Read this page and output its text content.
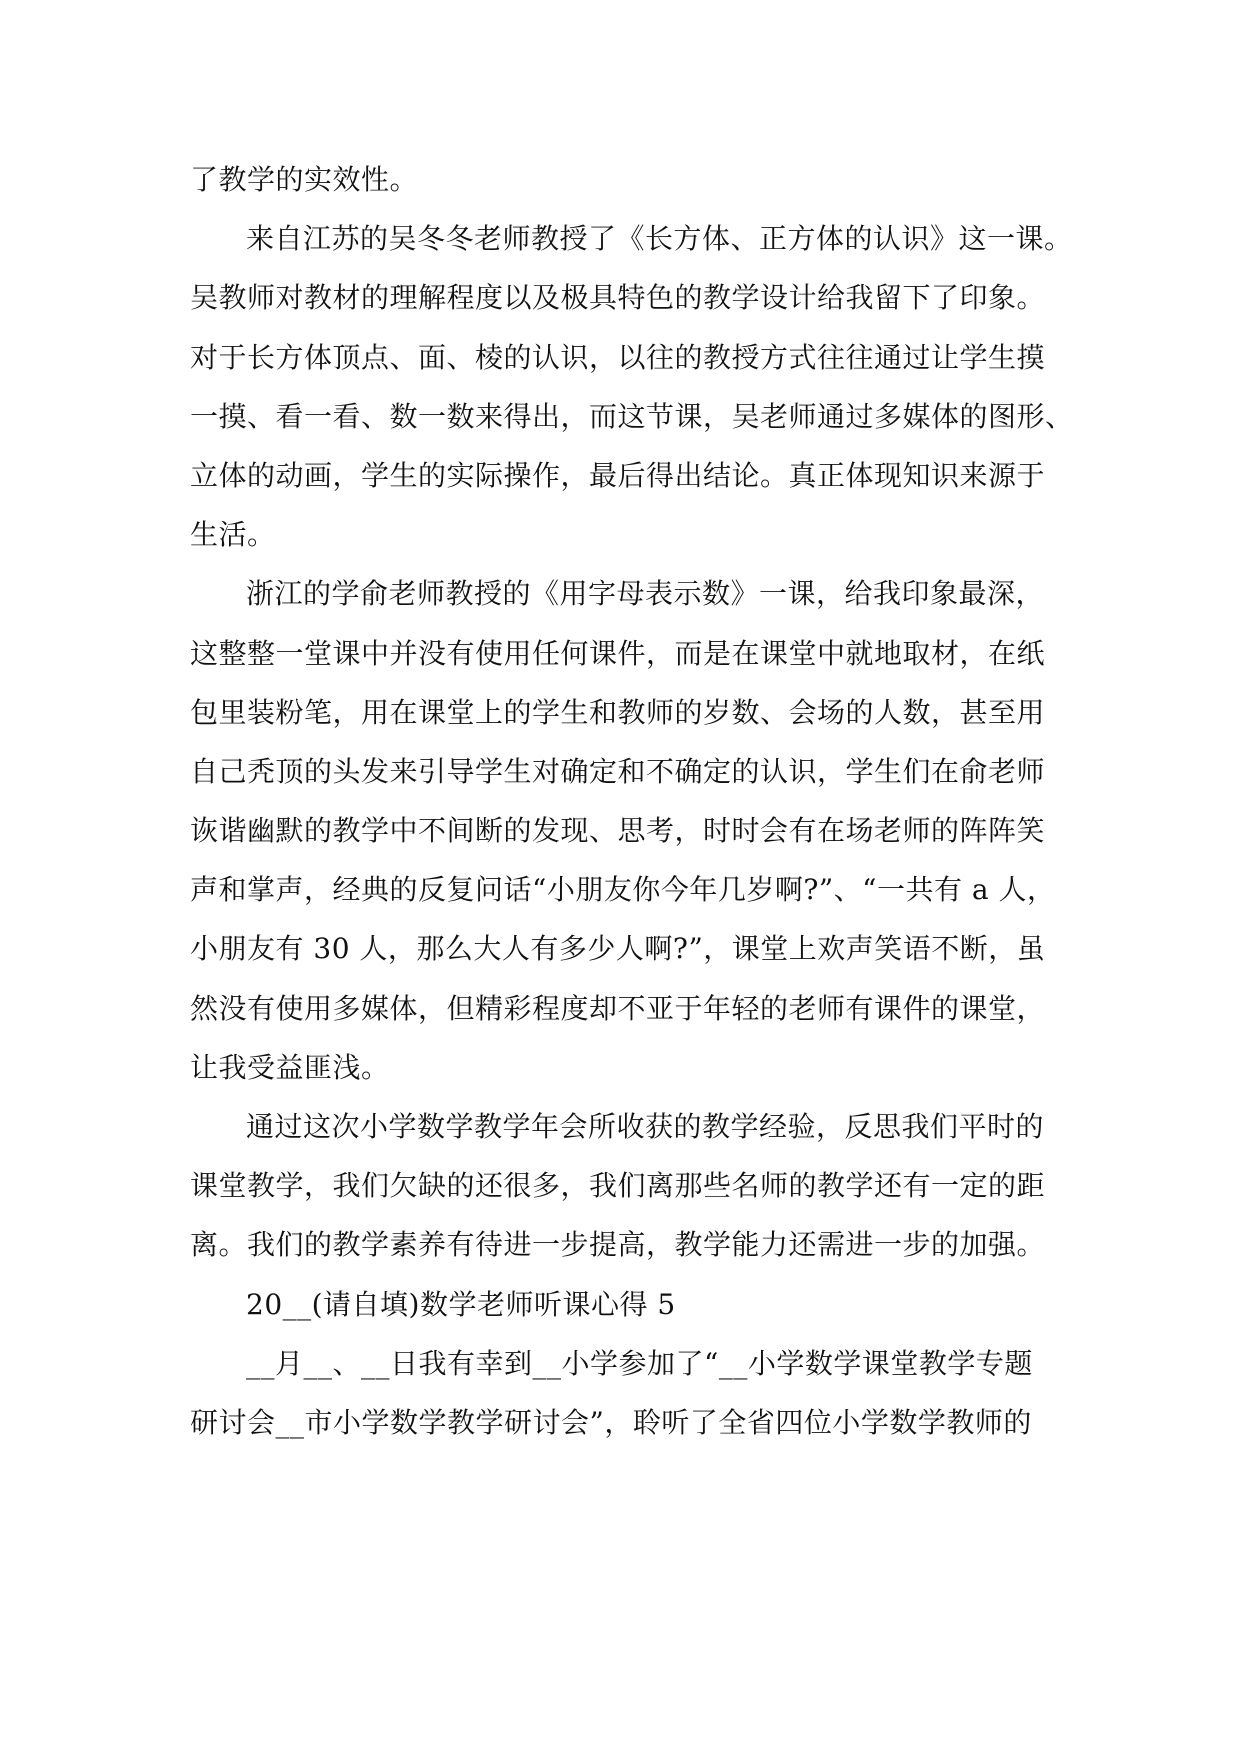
了教学的实效性。
来自江苏的吴冬冬老师教授了《长方体、正方体的认识》这一课。
吴教师对教材的理解程度以及极具特色的教学设计给我留下了印象。
对于长方体顶点、面、棱的认识，以往的教授方式往往通过让学生摸
一摸、看一看、数一数来得出，而这节课，吴老师通过多媒体的图形、
立体的动画，学生的实际操作，最后得出结论。真正体现知识来源于
生活。
浙江的学俞老师教授的《用字母表示数》一课，给我印象最深，
这整整一堂课中并没有使用任何课件，而是在课堂中就地取材，在纸
包里装粉笔，用在课堂上的学生和教师的岁数、会场的人数，甚至用
自己秃顶的头发来引导学生对确定和不确定的认识，学生们在俞老师
诙谐幽默的教学中不间断的发现、思考，时时会有在场老师的阵阵笑
声和掌声，经典的反复问话“小朋友你今年几岁啊?”、“一共有 a 人，
小朋友有 30 人，那么大人有多少人啊?”，课堂上欢声笑语不断，虽
然没有使用多媒体，但精彩程度却不亚于年轻的老师有课件的课堂，
让我受益匪浅。
通过这次小学数学教学年会所收获的教学经验，反思我们平时的
课堂教学，我们欠缺的还很多，我们离那些名师的教学还有一定的距
离。我们的教学素养有待进一步提高，教学能力还需进一步的加强。
20__(请自填)数学老师听课心得 5
__月__、__日我有幸到__小学参加了“__小学数学课堂教学专题
研讨会__市小学数学教学研讨会”，聆听了全省四位小学数学教师的
